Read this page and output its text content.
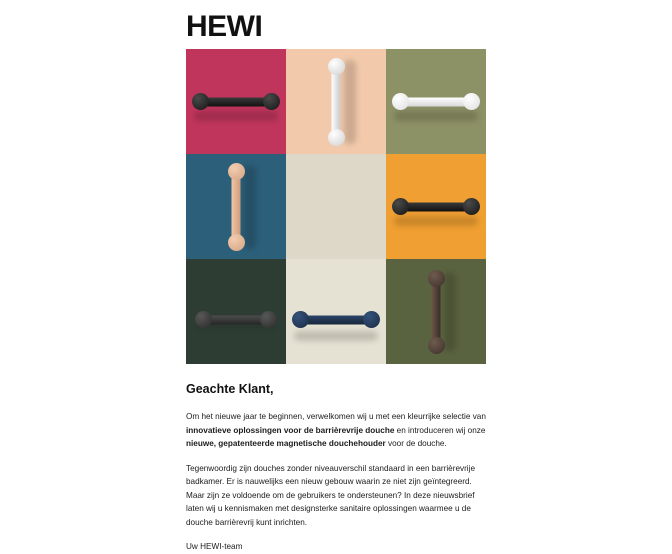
HEWI
Geachte Klant,

Om het nieuwe jaar te beginnen, verwelkomen wij u met een kleurrijke selectie van innovatieve oplossingen voor de barrièrevrije douche en introduceren wij onze nieuwe, gepatenteerde magnetische douchehouder voor de douche.

Tegenwoordig zijn douches zonder niveauverschil standaard in een barrièrevrije badkamer. Er is nauwelijks een nieuw gebouw waarin ze niet zijn geïntegreerd. Maar zijn ze voldoende om de gebruikers te ondersteunen? In deze nieuwsbrief laten wij u kennismaken met designsterke sanitaire oplossingen waarmee u de douche barrièrevrij kunt inrichten.

Uw HEWI-team
